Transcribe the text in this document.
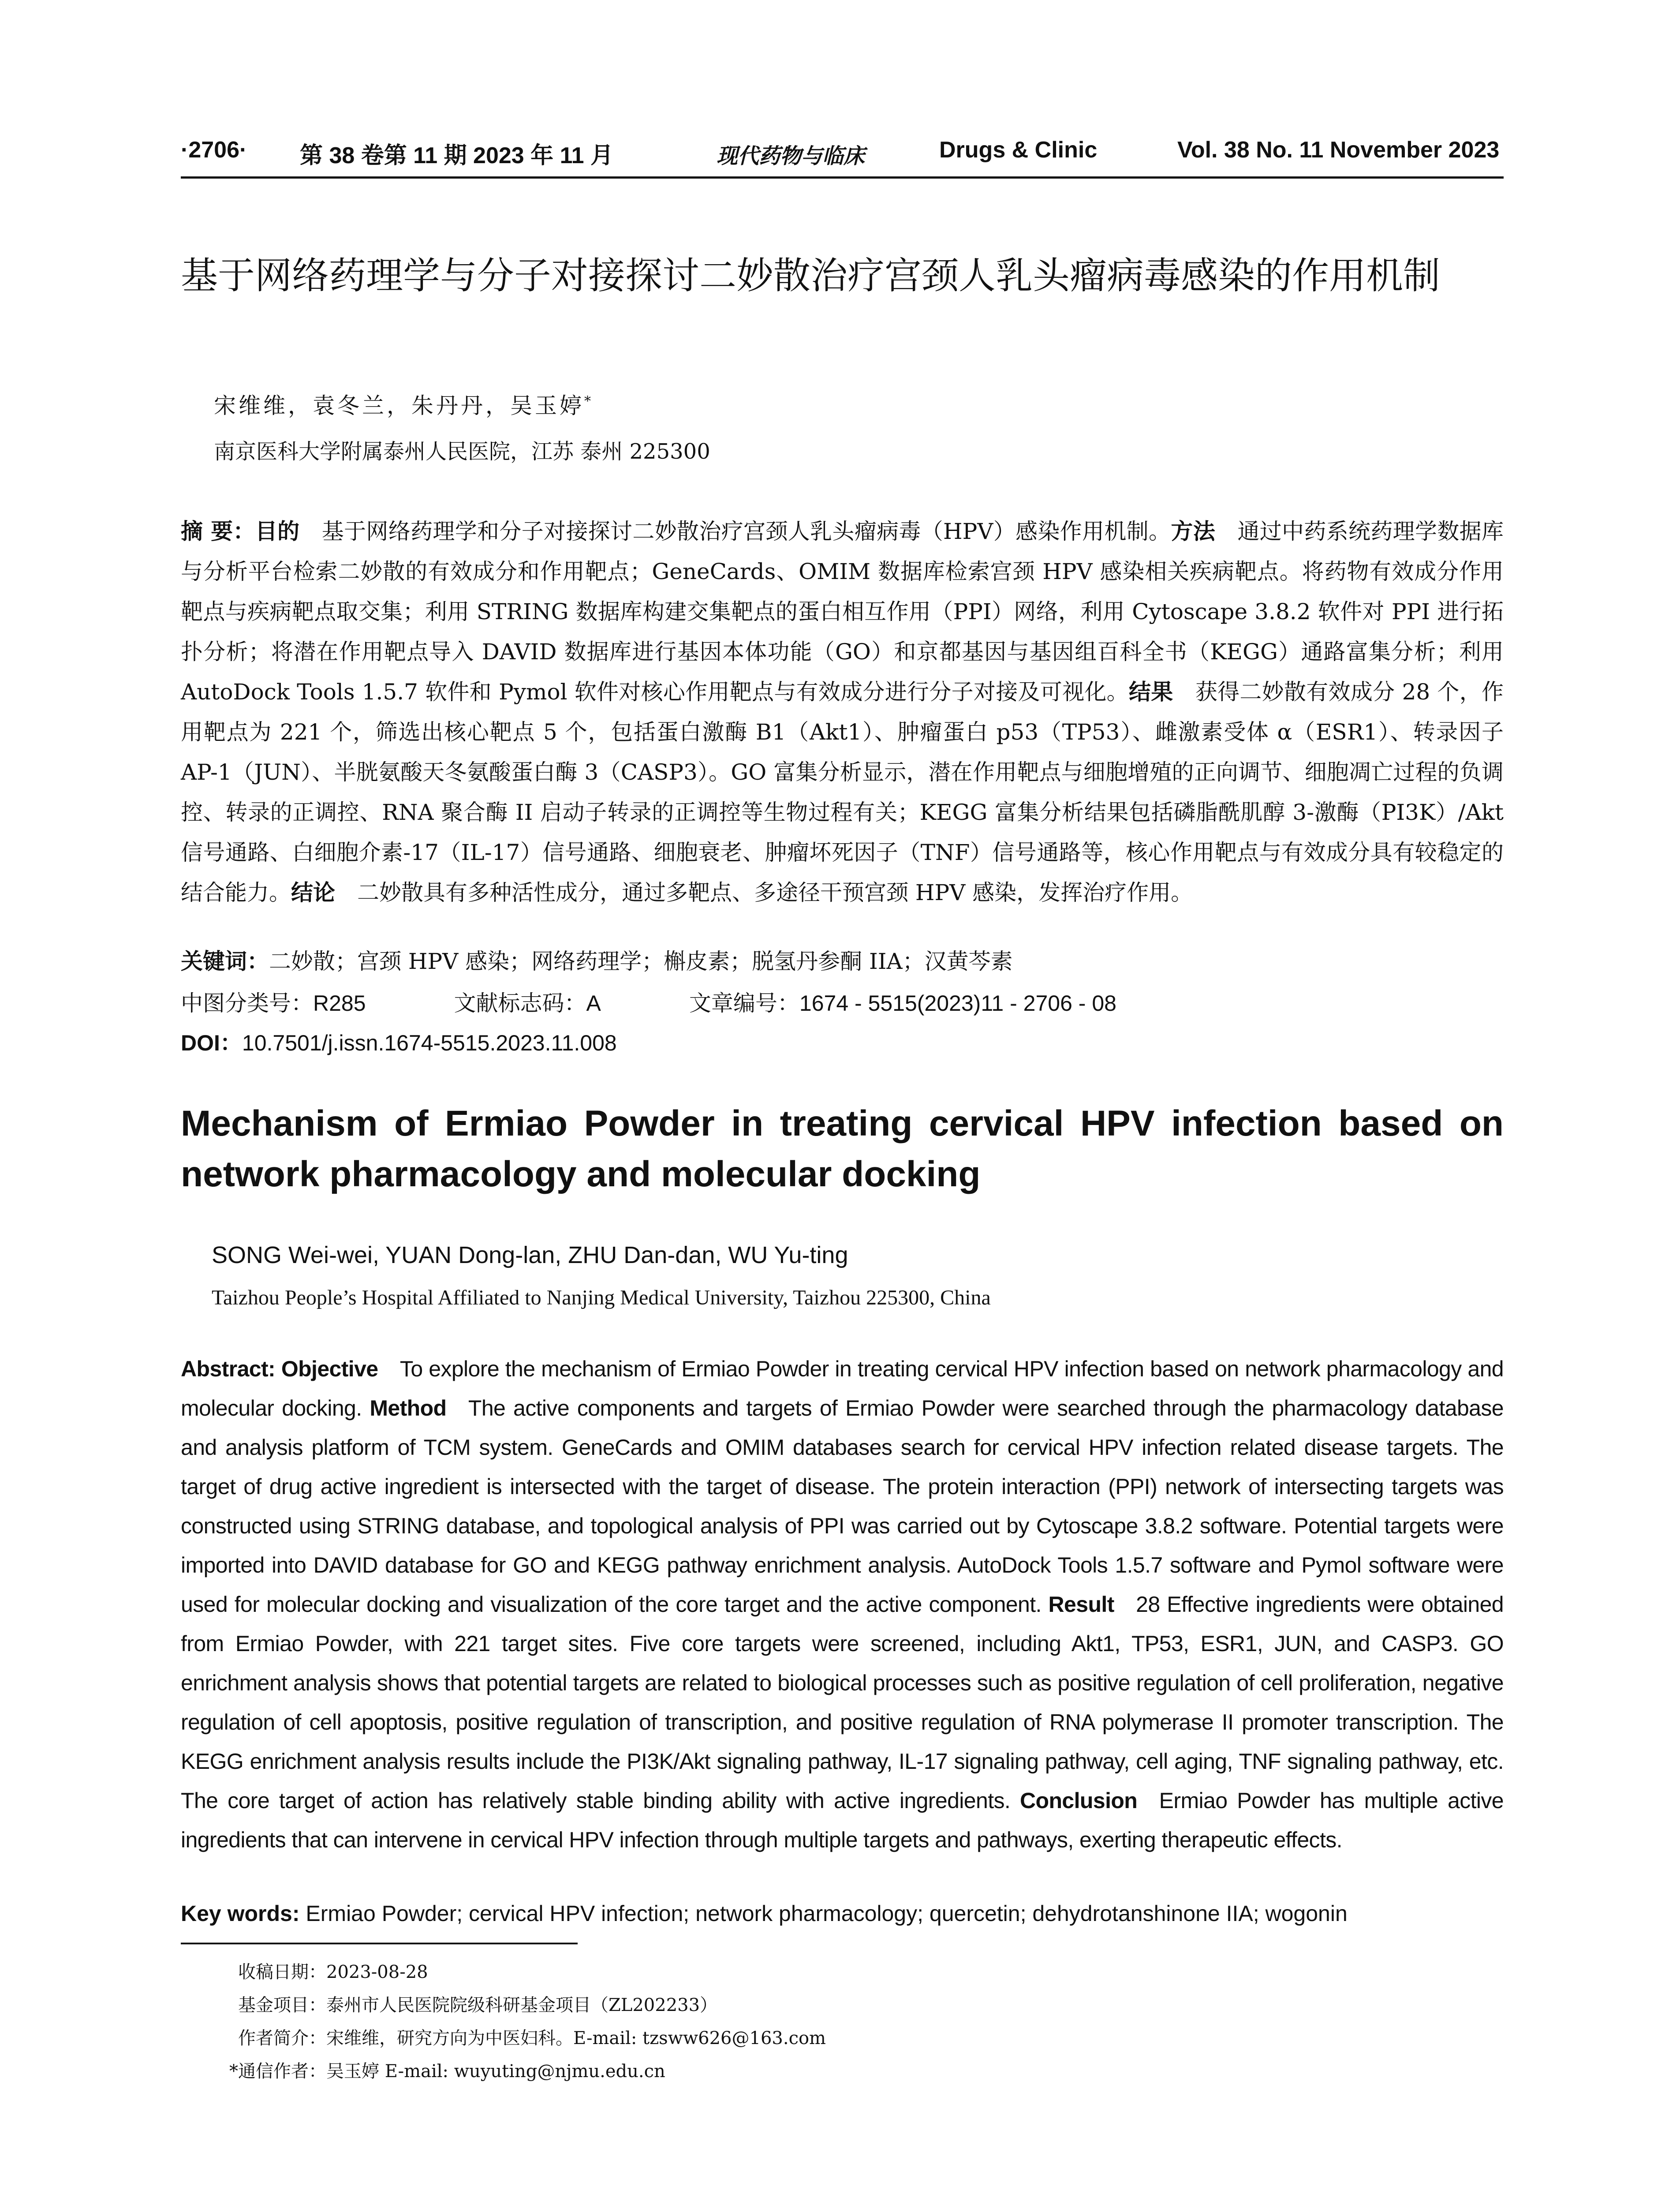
·2706· 第 38 卷第 11 期 2023 年 11 月	现代药物与临床	Drugs & Clinic	Vol. 38 No. 11 November 2023
基于网络药理学与分子对接探讨二妙散治疗宫颈人乳头瘤病毒感染的作用机制
宋维维，袁冬兰，朱丹丹，吴玉婷*
南京医科大学附属泰州人民医院，江苏 泰州 225300
摘 要：目的  基于网络药理学和分子对接探讨二妙散治疗宫颈人乳头瘤病毒（HPV）感染作用机制。方法  通过中药系统药理学数据库与分析平台检索二妙散的有效成分和作用靶点；GeneCards、OMIM 数据库检索宫颈 HPV 感染相关疾病靶点。将药物有效成分作用靶点与疾病靶点取交集；利用 STRING 数据库构建交集靶点的蛋白相互作用（PPI）网络，利用 Cytoscape 3.8.2 软件对 PPI 进行拓扑分析；将潜在作用靶点导入 DAVID 数据库进行基因本体功能（GO）和京都基因与基因组百科全书（KEGG）通路富集分析；利用 AutoDock Tools 1.5.7 软件和 Pymol 软件对核心作用靶点与有效成分进行分子对接及可视化。结果  获得二妙散有效成分 28 个，作用靶点为 221 个，筛选出核心靶点 5 个，包括蛋白激酶 B1（Akt1）、肿瘤蛋白 p53（TP53）、雌激素受体 α（ESR1）、转录因子 AP-1（JUN）、半胱氨酸天冬氨酸蛋白酶 3（CASP3）。GO 富集分析显示，潜在作用靶点与细胞增殖的正向调节、细胞凋亡过程的负调控、转录的正调控、RNA 聚合酶 II 启动子转录的正调控等生物过程有关；KEGG 富集分析结果包括磷脂酰肌醇 3-激酶（PI3K）/Akt 信号通路、白细胞介素-17（IL-17）信号通路、细胞衰老、肿瘤坏死因子（TNF）信号通路等，核心作用靶点与有效成分具有较稳定的结合能力。结论  二妙散具有多种活性成分，通过多靶点、多途径干预宫颈 HPV 感染，发挥治疗作用。
关键词：二妙散；宫颈 HPV 感染；网络药理学；槲皮素；脱氢丹参酮 IIA；汉黄芩素
中图分类号：R285	文献标志码：A	文章编号：1674 - 5515(2023)11 - 2706 - 08
DOI：10.7501/j.issn.1674-5515.2023.11.008
Mechanism of Ermiao Powder in treating cervical HPV infection based on network pharmacology and molecular docking
SONG Wei-wei, YUAN Dong-lan, ZHU Dan-dan, WU Yu-ting
Taizhou People’s Hospital Affiliated to Nanjing Medical University, Taizhou 225300, China
Abstract: Objective  To explore the mechanism of Ermiao Powder in treating cervical HPV infection based on network pharmacology and molecular docking. Method  The active components and targets of Ermiao Powder were searched through the pharmacology database and analysis platform of TCM system. GeneCards and OMIM databases search for cervical HPV infection related disease targets. The target of drug active ingredient is intersected with the target of disease. The protein interaction (PPI) network of intersecting targets was constructed using STRING database, and topological analysis of PPI was carried out by Cytoscape 3.8.2 software. Potential targets were imported into DAVID database for GO and KEGG pathway enrichment analysis. AutoDock Tools 1.5.7 software and Pymol software were used for molecular docking and visualization of the core target and the active component. Result  28 Effective ingredients were obtained from Ermiao Powder, with 221 target sites. Five core targets were screened, including Akt1, TP53, ESR1, JUN, and CASP3. GO enrichment analysis shows that potential targets are related to biological processes such as positive regulation of cell proliferation, negative regulation of cell apoptosis, positive regulation of transcription, and positive regulation of RNA polymerase II promoter transcription. The KEGG enrichment analysis results include the PI3K/Akt signaling pathway, IL-17 signaling pathway, cell aging, TNF signaling pathway, etc. The core target of action has relatively stable binding ability with active ingredients. Conclusion  Ermiao Powder has multiple active ingredients that can intervene in cervical HPV infection through multiple targets and pathways, exerting therapeutic effects.
Key words: Ermiao Powder; cervical HPV infection; network pharmacology; quercetin; dehydrotanshinone IIA; wogonin
收稿日期：2023-08-28
基金项目：泰州市人民医院院级科研基金项目（ZL202233）
作者简介：宋维维，研究方向为中医妇科。E-mail: tzsww626@163.com
*通信作者：吴玉婷 E-mail: wuyuting@njmu.edu.cn
